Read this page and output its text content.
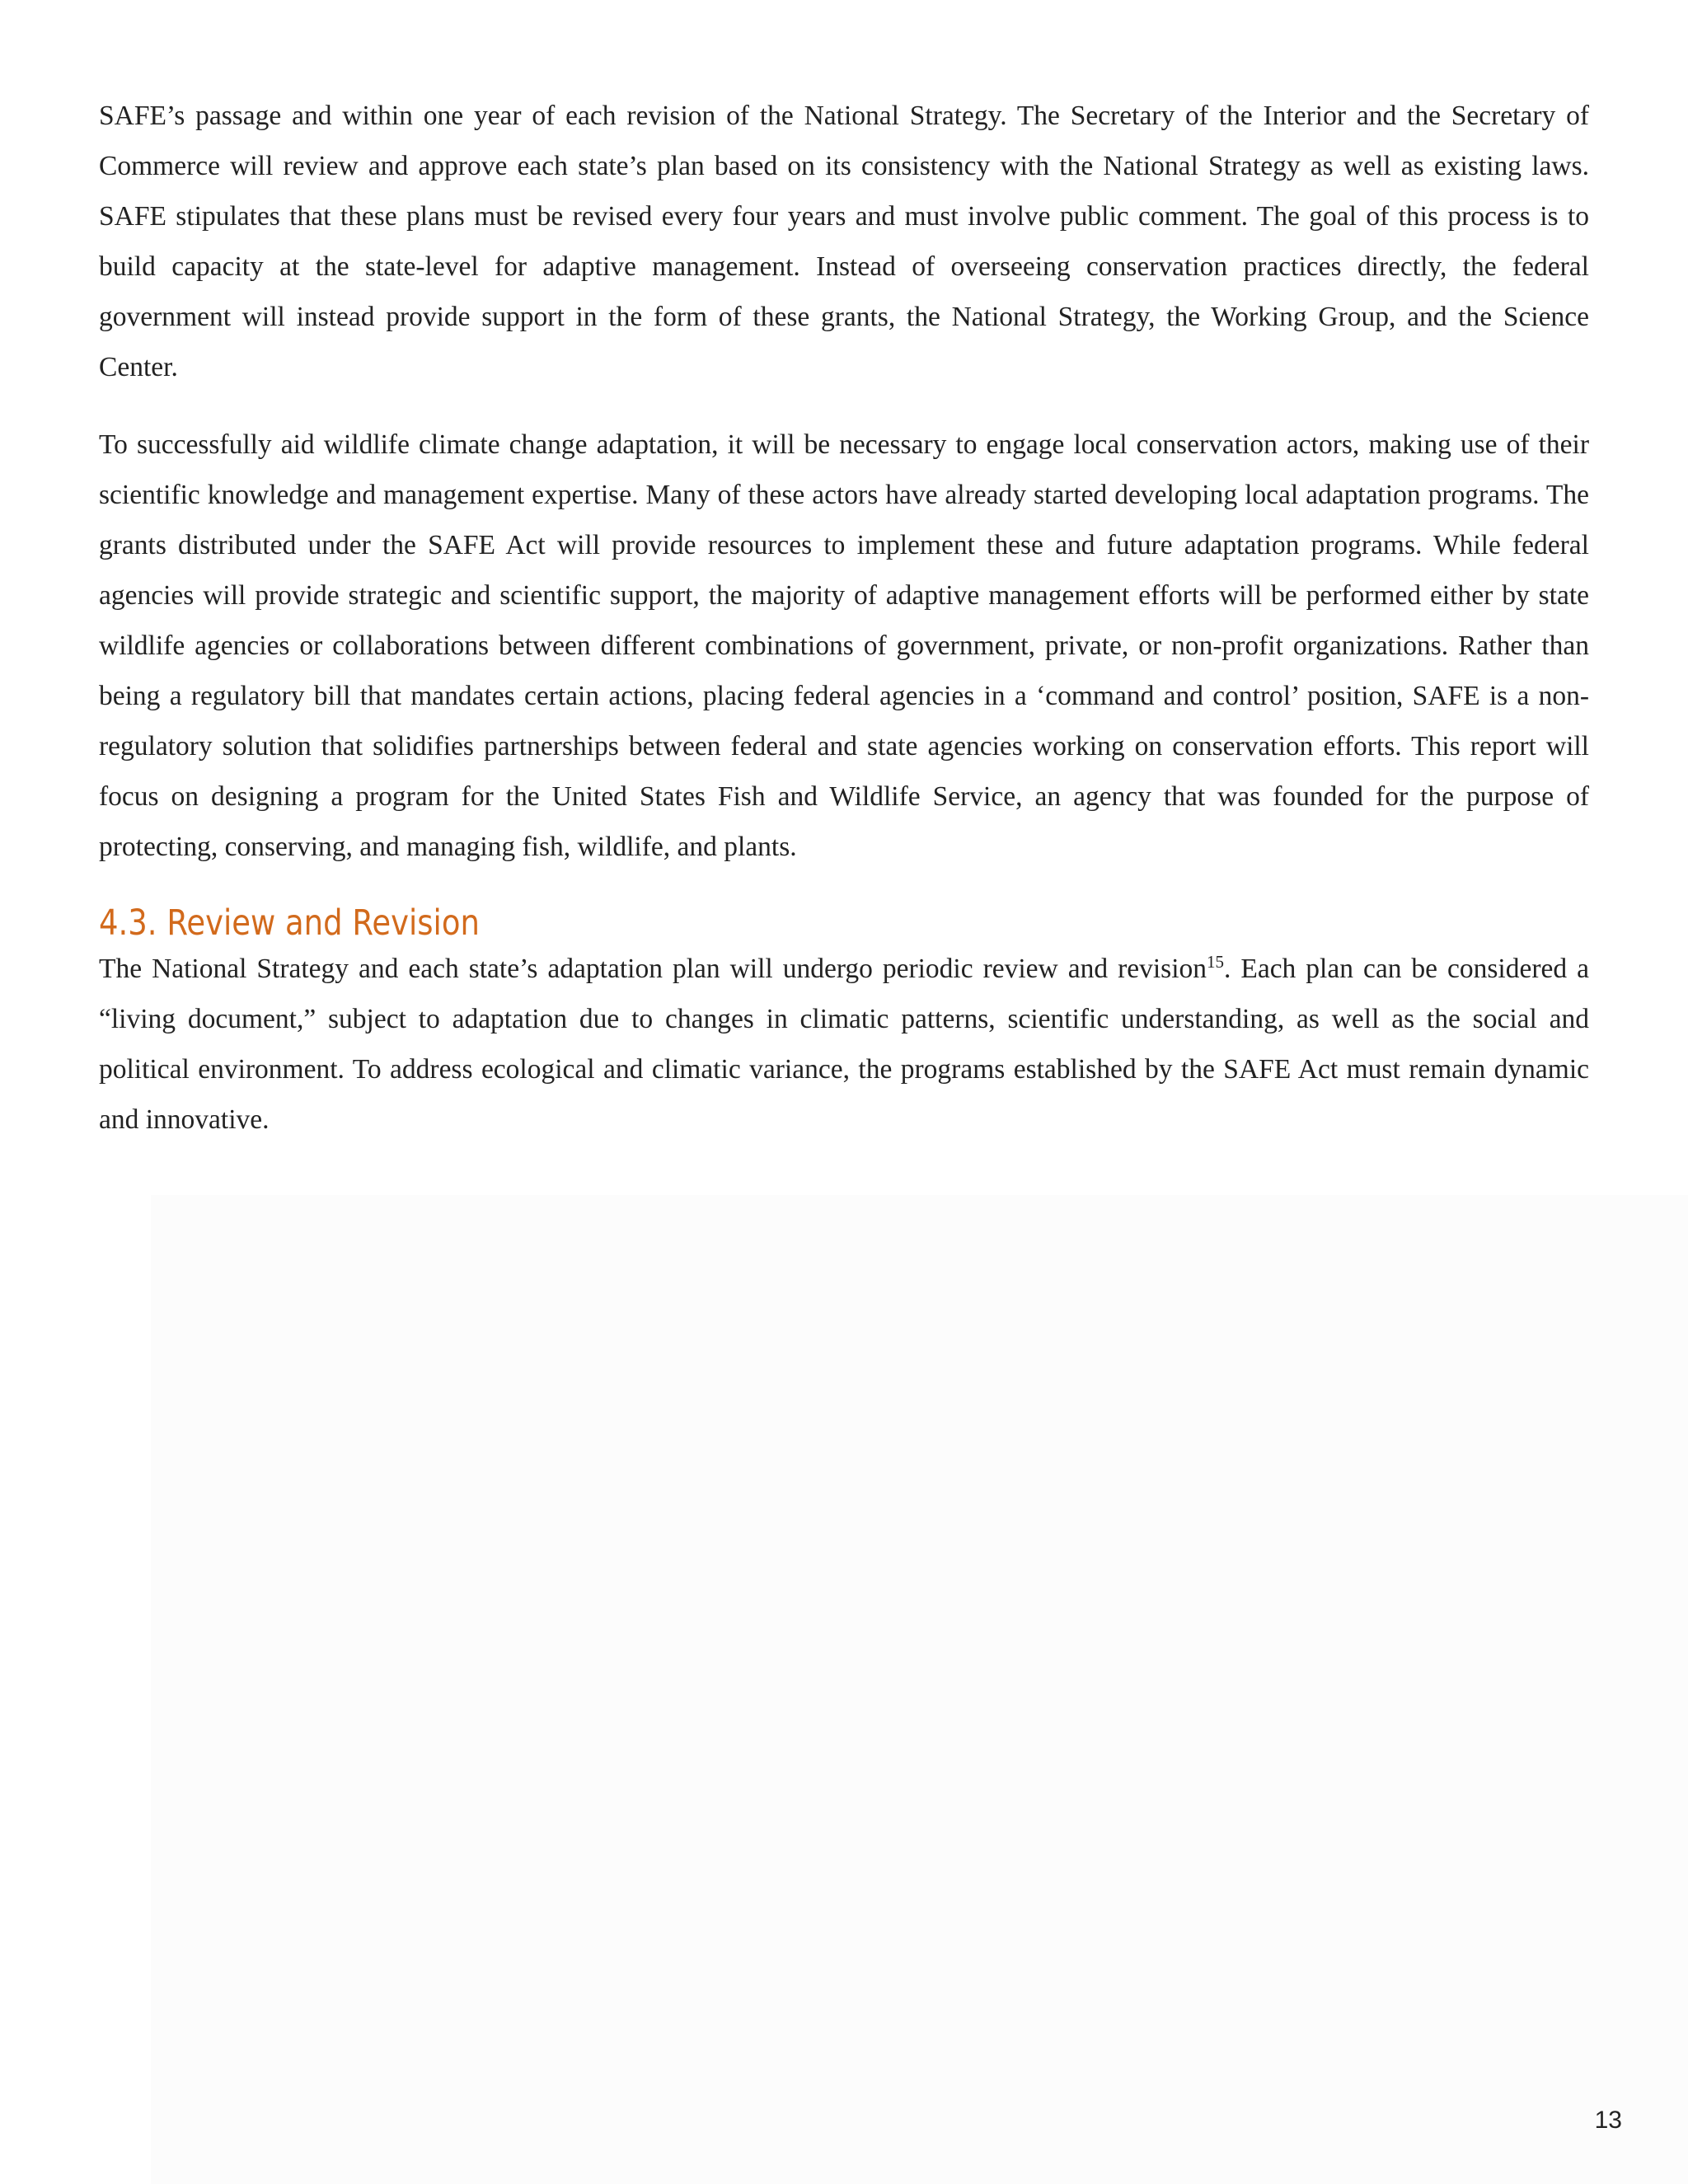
SAFE’s passage and within one year of each revision of the National Strategy. The Secretary of the Interior and the Secretary of Commerce will review and approve each state’s plan based on its consistency with the National Strategy as well as existing laws. SAFE stipulates that these plans must be revised every four years and must involve public comment. The goal of this process is to build capacity at the state-level for adaptive management. Instead of overseeing conservation practices directly, the federal government will instead provide support in the form of these grants, the National Strategy, the Working Group, and the Science Center.

To successfully aid wildlife climate change adaptation, it will be necessary to engage local conservation actors, making use of their scientific knowledge and management expertise. Many of these actors have already started developing local adaptation programs. The grants distributed under the SAFE Act will provide resources to implement these and future adaptation programs. While federal agencies will provide strategic and scientific support, the majority of adaptive management efforts will be performed either by state wildlife agencies or collaborations between different combinations of government, private, or non-profit organizations. Rather than being a regulatory bill that mandates certain actions, placing federal agencies in a ‘command and control’ position, SAFE is a non-regulatory solution that solidifies partnerships between federal and state agencies working on conservation efforts. This report will focus on designing a program for the United States Fish and Wildlife Service, an agency that was founded for the purpose of protecting, conserving, and managing fish, wildlife, and plants.

4.3. Review and Revision

The National Strategy and each state’s adaptation plan will undergo periodic review and revision$^{15}$. Each plan can be considered a “living document,” subject to adaptation due to changes in climatic patterns, scientific understanding, as well as the social and political environment. To address ecological and climatic variance, the programs established by the SAFE Act must remain dynamic and innovative.

13
